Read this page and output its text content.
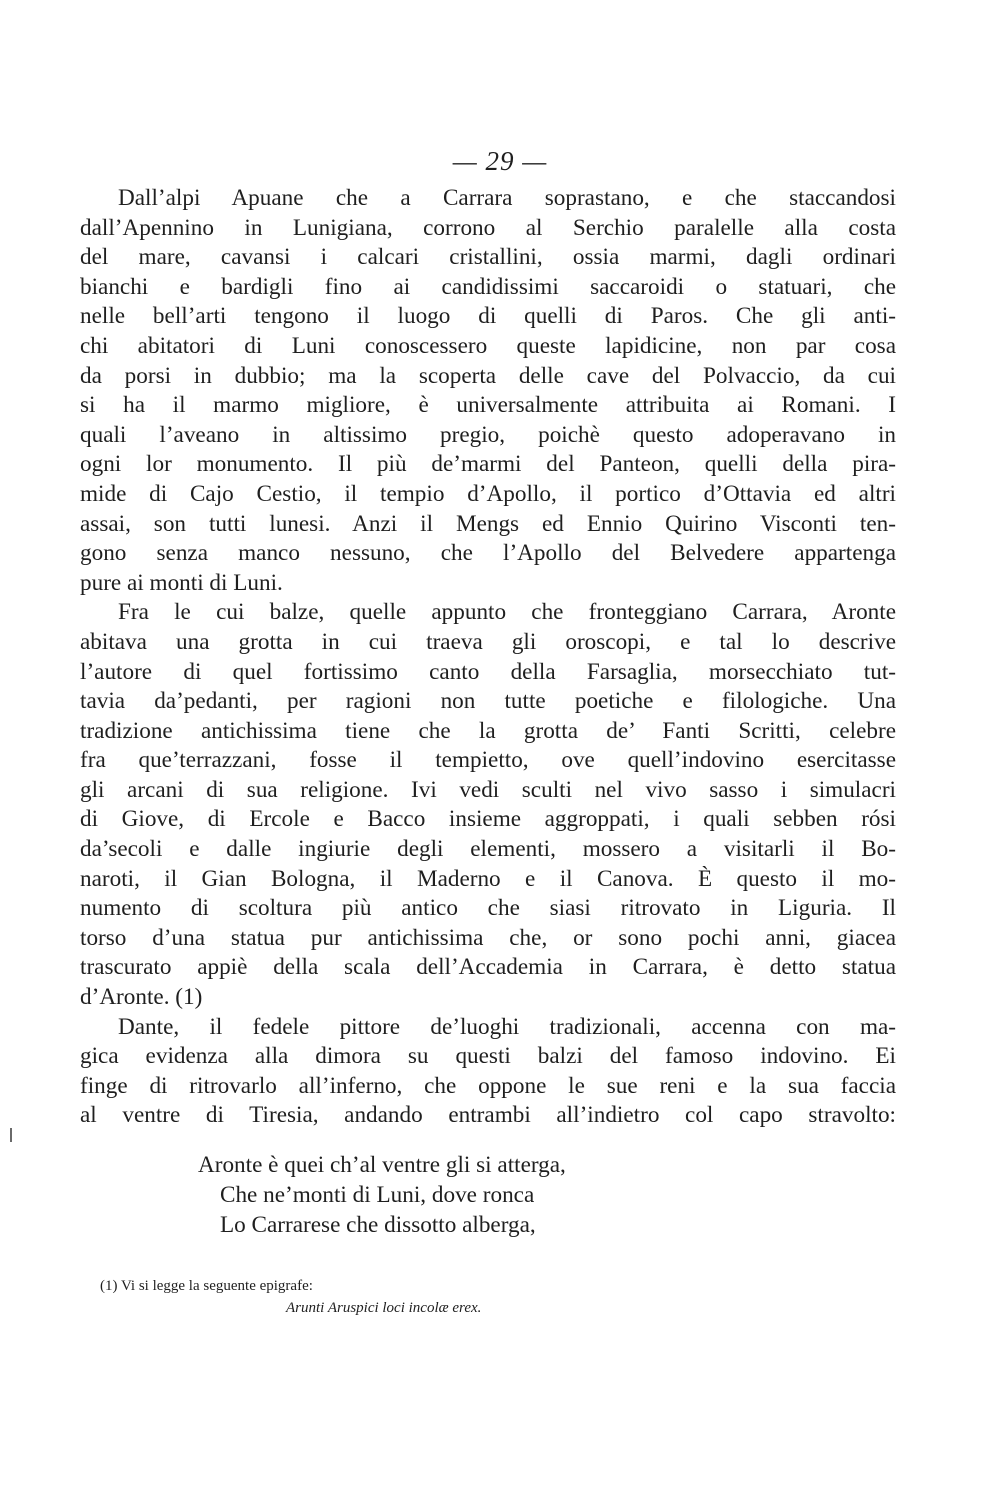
— 29 —
Dall’alpi Apuane che a Carrara soprastano, e che staccandosi
dall’Apennino in Lunigiana, corrono al Serchio paralelle alla costa
del mare, cavansi i calcari cristallini, ossia marmi, dagli ordinari
bianchi e bardigli fino ai candidissimi saccaroidi o statuari, che
nelle bell’arti tengono il luogo di quelli di Paros. Che gli anti-
chi abitatori di Luni conoscessero queste lapidicine, non par cosa
da porsi in dubbio; ma la scoperta delle cave del Polvaccio, da cui
si ha il marmo migliore, è universalmente attribuita ai Romani. I
quali l’aveano in altissimo pregio, poichè questo adoperavano in
ogni lor monumento. Il più de’marmi del Panteon, quelli della pira-
mide di Cajo Cestio, il tempio d’Apollo, il portico d’Ottavia ed altri
assai, son tutti lunesi. Anzi il Mengs ed Ennio Quirino Visconti ten-
gono senza manco nessuno, che l’Apollo del Belvedere appartenga
pure ai monti di Luni.
Fra le cui balze, quelle appunto che fronteggiano Carrara, Aronte
abitava una grotta in cui traeva gli oroscopi, e tal lo descrive
l’autore di quel fortissimo canto della Farsaglia, morsecchiato tut-
tavia da’pedanti, per ragioni non tutte poetiche e filologiche. Una
tradizione antichissima tiene che la grotta de’ Fanti Scritti, celebre
fra que’terrazzani, fosse il tempietto, ove quell’indovino esercitasse
gli arcani di sua religione. Ivi vedi sculti nel vivo sasso i simulacri
di Giove, di Ercole e Bacco insieme aggroppati, i quali sebben rósi
da’secoli e dalle ingiurie degli elementi, mossero a visitarli il Bo-
naroti, il Gian Bologna, il Maderno e il Canova. È questo il mo-
numento di scoltura più antico che siasi ritrovato in Liguria. Il
torso d’una statua pur antichissima che, or sono pochi anni, giacea
trascurato appiè della scala dell’Accademia in Carrara, è detto statua
d’Aronte. (1)
Dante, il fedele pittore de’luoghi tradizionali, accenna con ma-
gica evidenza alla dimora su questi balzi del famoso indovino. Ei
finge di ritrovarlo all’inferno, che oppone le sue reni e la sua faccia
al ventre di Tiresia, andando entrambi all’indietro col capo stravolto:
Aronte è quei ch’al ventre gli si atterga,
Che ne’monti di Luni, dove ronca
Lo Carrarese che dissotto alberga,
(1) Vi si legge la seguente epigrafe:
Arunti Aruspici loci incolæ erex.
